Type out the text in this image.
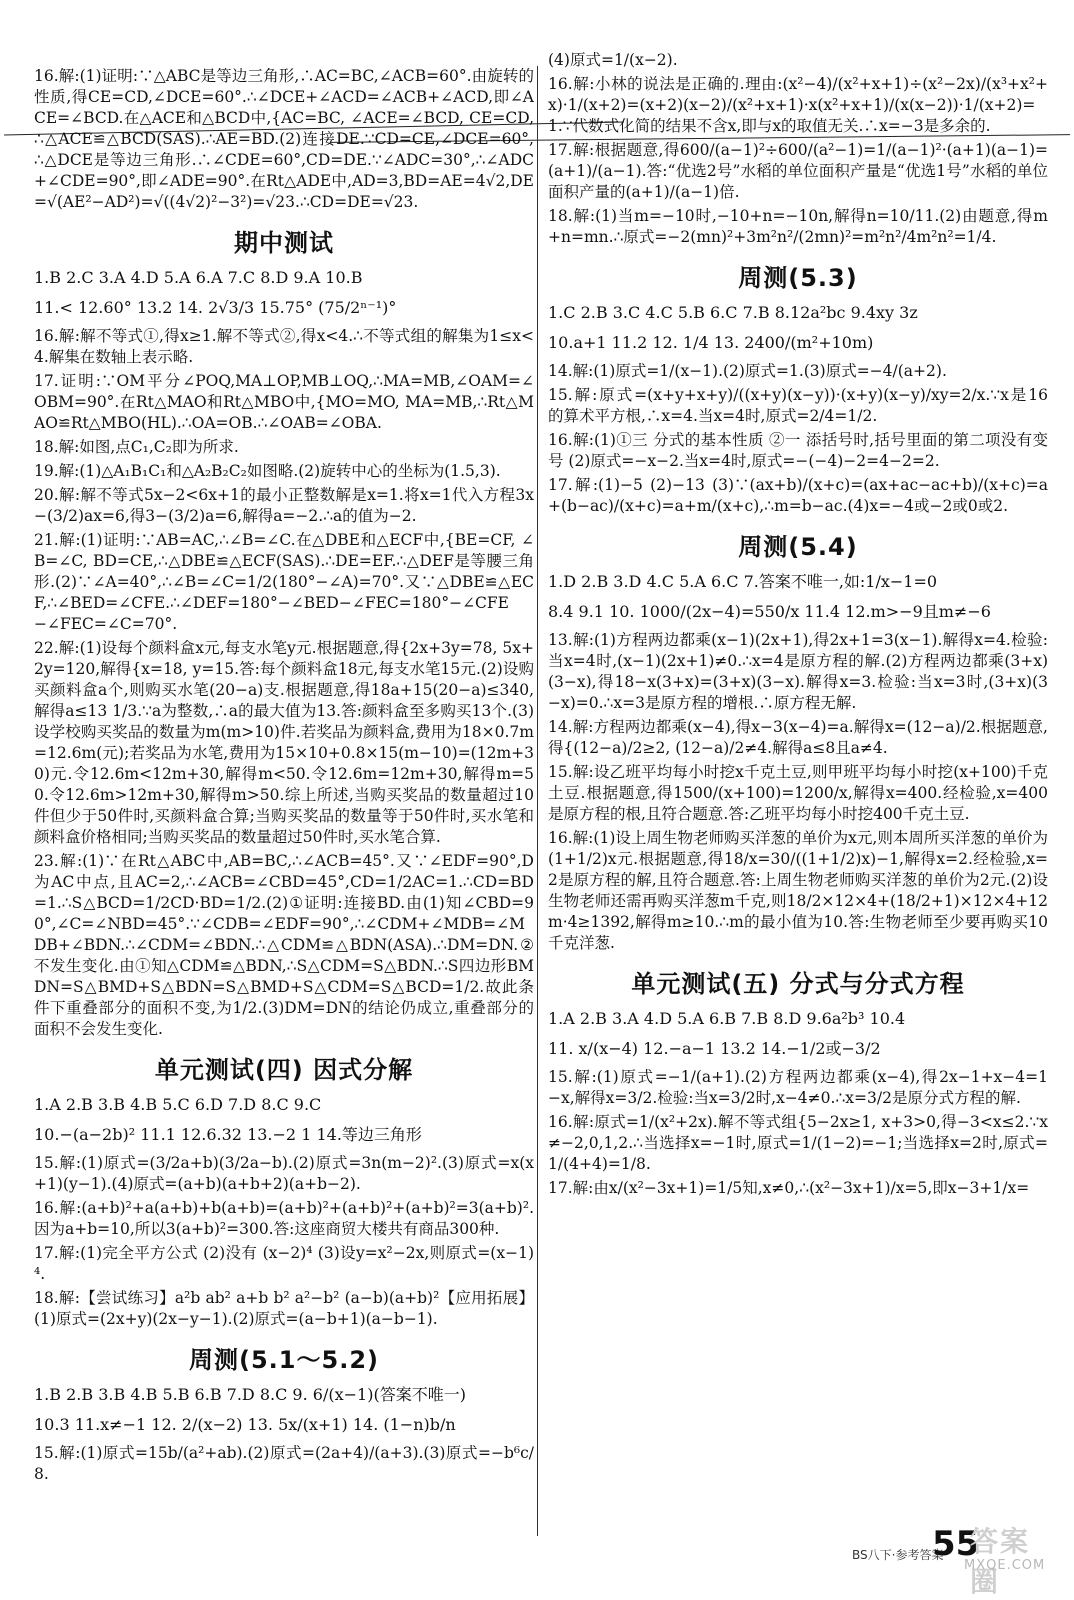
16.解:(1)证明:∵△ABC是等边三角形,∴AC=BC,∠ACB=60°.由旋转的性质,得CE=CD,∠DCE=60°.∴∠DCE+∠ACD=∠ACB+∠ACD,即∠ACE=∠BCD.在△ACE和△BCD中,{AC=BC, ∠ACE=∠BCD, CE=CD,∴△ACE≌△BCD(SAS).∴AE=BD.(2)连接DE.∵CD=CE,∠DCE=60°,∴△DCE是等边三角形.∴∠CDE=60°,CD=DE.∵∠ADC=30°,∴∠ADC+∠CDE=90°,即∠ADE=90°.在Rt△ADE中,AD=3,BD=AE=4√2,DE=√(AE²−AD²)=√((4√2)²−3²)=√23.∴CD=DE=√23.

期中测试

1.B 2.C 3.A 4.D 5.A 6.A 7.C 8.D 9.A 10.B

11.< 12.60° 13.2 14. 2√3/3 15.75° (75/2ⁿ⁻¹)°

16.解:解不等式①,得x≥1.解不等式②,得x<4.∴不等式组的解集为1≤x<4.解集在数轴上表示略.

17.证明:∵OM平分∠POQ,MA⊥OP,MB⊥OQ,∴MA=MB,∠OAM=∠OBM=90°.在Rt△MAO和Rt△MBO中,{MO=MO, MA=MB,∴Rt△MAO≌Rt△MBO(HL).∴OA=OB.∴∠OAB=∠OBA.

18.解:如图,点C₁,C₂即为所求.

19.解:(1)△A₁B₁C₁和△A₂B₂C₂如图略.(2)旋转中心的坐标为(1.5,3).

20.解:解不等式5x−2<6x+1的最小正整数解是x=1.将x=1代入方程3x−(3/2)ax=6,得3−(3/2)a=6,解得a=−2.∴a的值为−2.

21.解:(1)证明:∵AB=AC,∴∠B=∠C.在△DBE和△ECF中,{BE=CF, ∠B=∠C, BD=CE,∴△DBE≌△ECF(SAS).∴DE=EF.∴△DEF是等腰三角形.(2)∵∠A=40°,∴∠B=∠C=1/2(180°−∠A)=70°.又∵△DBE≌△ECF,∴∠BED=∠CFE.∴∠DEF=180°−∠BED−∠FEC=180°−∠CFE−∠FEC=∠C=70°.

22.解:(1)设每个颜料盒x元,每支水笔y元.根据题意,得{2x+3y=78, 5x+2y=120,解得{x=18, y=15.答:每个颜料盒18元,每支水笔15元.(2)设购买颜料盒a个,则购买水笔(20−a)支.根据题意,得18a+15(20−a)≤340,解得a≤13 1/3.∵a为整数,∴a的最大值为13.答:颜料盒至多购买13个.(3)设学校购买奖品的数量为m(m>10)件.若奖品为颜料盒,费用为18×0.7m=12.6m(元);若奖品为水笔,费用为15×10+0.8×15(m−10)=(12m+30)元.令12.6m<12m+30,解得m<50.令12.6m=12m+30,解得m=50.令12.6m>12m+30,解得m>50.综上所述,当购买奖品的数量超过10件但少于50件时,买颜料盒合算;当购买奖品的数量等于50件时,买水笔和颜料盒价格相同;当购买奖品的数量超过50件时,买水笔合算.

23.解:(1)∵在Rt△ABC中,AB=BC,∴∠ACB=45°.又∵∠EDF=90°,D为AC中点,且AC=2,∴∠ACB=∠CBD=45°,CD=1/2AC=1.∴CD=BD=1.∴S△BCD=1/2CD·BD=1/2.(2)①证明:连接BD.由(1)知∠CBD=90°,∠C=∠NBD=45°.∵∠CDB=∠EDF=90°,∴∠CDM+∠MDB=∠MDB+∠BDN.∴∠CDM=∠BDN.∴△CDM≌△BDN(ASA).∴DM=DN.②不发生变化.由①知△CDM≌△BDN,∴S△CDM=S△BDN.∴S四边形BMDN=S△BMD+S△BDN=S△BMD+S△CDM=S△BCD=1/2.故此条件下重叠部分的面积不变,为1/2.(3)DM=DN的结论仍成立,重叠部分的面积不会发生变化.

单元测试(四) 因式分解

1.A 2.B 3.B 4.B 5.C 6.D 7.D 8.C 9.C

10.−(a−2b)² 11.1 12.6.32 13.−2 1 14.等边三角形

15.解:(1)原式=(3/2a+b)(3/2a−b).(2)原式=3n(m−2)².(3)原式=x(x+1)(y−1).(4)原式=(a+b)(a+b+2)(a+b−2).

16.解:(a+b)²+a(a+b)+b(a+b)=(a+b)²+(a+b)²+(a+b)²=3(a+b)².因为a+b=10,所以3(a+b)²=300.答:这座商贸大楼共有商品300种.

17.解:(1)完全平方公式 (2)没有 (x−2)⁴ (3)设y=x²−2x,则原式=(x−1)⁴.

18.解:【尝试练习】a²b ab² a+b b² a²−b² (a−b)(a+b)²【应用拓展】(1)原式=(2x+y)(2x−y−1).(2)原式=(a−b+1)(a−b−1).

周测(5.1～5.2)

1.B 2.B 3.B 4.B 5.B 6.B 7.D 8.C 9. 6/(x−1)(答案不唯一)

10.3 11.x≠−1 12. 2/(x−2) 13. 5x/(x+1) 14. (1−n)b/n

15.解:(1)原式=15b/(a²+ab).(2)原式=(2a+4)/(a+3).(3)原式=−b⁶c/8.

(4)原式=1/(x−2).

16.解:小林的说法是正确的.理由:(x²−4)/(x²+x+1)÷(x²−2x)/(x³+x²+x)·1/(x+2)=(x+2)(x−2)/(x²+x+1)·x(x²+x+1)/(x(x−2))·1/(x+2)=1.∵代数式化简的结果不含x,即与x的取值无关.∴x=−3是多余的.

17.解:根据题意,得600/(a−1)²÷600/(a²−1)=1/(a−1)²·(a+1)(a−1)=(a+1)/(a−1).答:“优选2号”水稻的单位面积产量是“优选1号”水稻的单位面积产量的(a+1)/(a−1)倍.

18.解:(1)当m=−10时,−10+n=−10n,解得n=10/11.(2)由题意,得m+n=mn.∴原式=−2(mn)²+3m²n²/(2mn)²=m²n²/4m²n²=1/4.

周测(5.3)

1.C 2.B 3.C 4.C 5.B 6.C 7.B 8.12a²bc 9.4xy 3z

10.a+1 11.2 12. 1/4 13. 2400/(m²+10m)

14.解:(1)原式=1/(x−1).(2)原式=1.(3)原式=−4/(a+2).

15.解:原式=(x+y+x+y)/((x+y)(x−y))·(x+y)(x−y)/xy=2/x.∵x是16的算术平方根,∴x=4.当x=4时,原式=2/4=1/2.

16.解:(1)①三 分式的基本性质 ②一 添括号时,括号里面的第二项没有变号 (2)原式=−x−2.当x=4时,原式=−(−4)−2=4−2=2.

17.解:(1)−5 (2)−13 (3)∵(ax+b)/(x+c)=(ax+ac−ac+b)/(x+c)=a+(b−ac)/(x+c)=a+m/(x+c),∴m=b−ac.(4)x=−4或−2或0或2.

周测(5.4)

1.D 2.B 3.D 4.C 5.A 6.C 7.答案不唯一,如:1/x−1=0

8.4 9.1 10. 1000/(2x−4)=550/x 11.4 12.m>−9且m≠−6

13.解:(1)方程两边都乘(x−1)(2x+1),得2x+1=3(x−1).解得x=4.检验:当x=4时,(x−1)(2x+1)≠0.∴x=4是原方程的解.(2)方程两边都乘(3+x)(3−x),得18−x(3+x)=(3+x)(3−x).解得x=3.检验:当x=3时,(3+x)(3−x)=0.∴x=3是原方程的增根.∴原方程无解.

14.解:方程两边都乘(x−4),得x−3(x−4)=a.解得x=(12−a)/2.根据题意,得{(12−a)/2≥2, (12−a)/2≠4.解得a≤8且a≠4.

15.解:设乙班平均每小时挖x千克土豆,则甲班平均每小时挖(x+100)千克土豆.根据题意,得1500/(x+100)=1200/x,解得x=400.经检验,x=400是原方程的根,且符合题意.答:乙班平均每小时挖400千克土豆.

16.解:(1)设上周生物老师购买洋葱的单价为x元,则本周所买洋葱的单价为(1+1/2)x元.根据题意,得18/x=30/((1+1/2)x)−1,解得x=2.经检验,x=2是原方程的解,且符合题意.答:上周生物老师购买洋葱的单价为2元.(2)设生物老师还需再购买洋葱m千克,则18/2×12×4+(18/2+1)×12×4+12m·4≥1392,解得m≥10.∴m的最小值为10.答:生物老师至少要再购买10千克洋葱.

单元测试(五) 分式与分式方程

1.A 2.B 3.A 4.D 5.A 6.B 7.B 8.D 9.6a²b³ 10.4

11. x/(x−4) 12.−a−1 13.2 14.−1/2或−3/2

15.解:(1)原式=−1/(a+1).(2)方程两边都乘(x−4),得2x−1+x−4=1−x,解得x=3/2.检验:当x=3/2时,x−4≠0.∴x=3/2是原分式方程的解.

16.解:原式=1/(x²+2x).解不等式组{5−2x≥1, x+3>0,得−3<x≤2.∵x≠−2,0,1,2.∴当选择x=−1时,原式=1/(1−2)=−1;当选择x=2时,原式=1/(4+4)=1/8.

17.解:由x/(x²−3x+1)=1/5知,x≠0,∴(x²−3x+1)/x=5,即x−3+1/x=

BS八下·参考答案
55
答案圈
MXQE.COM
